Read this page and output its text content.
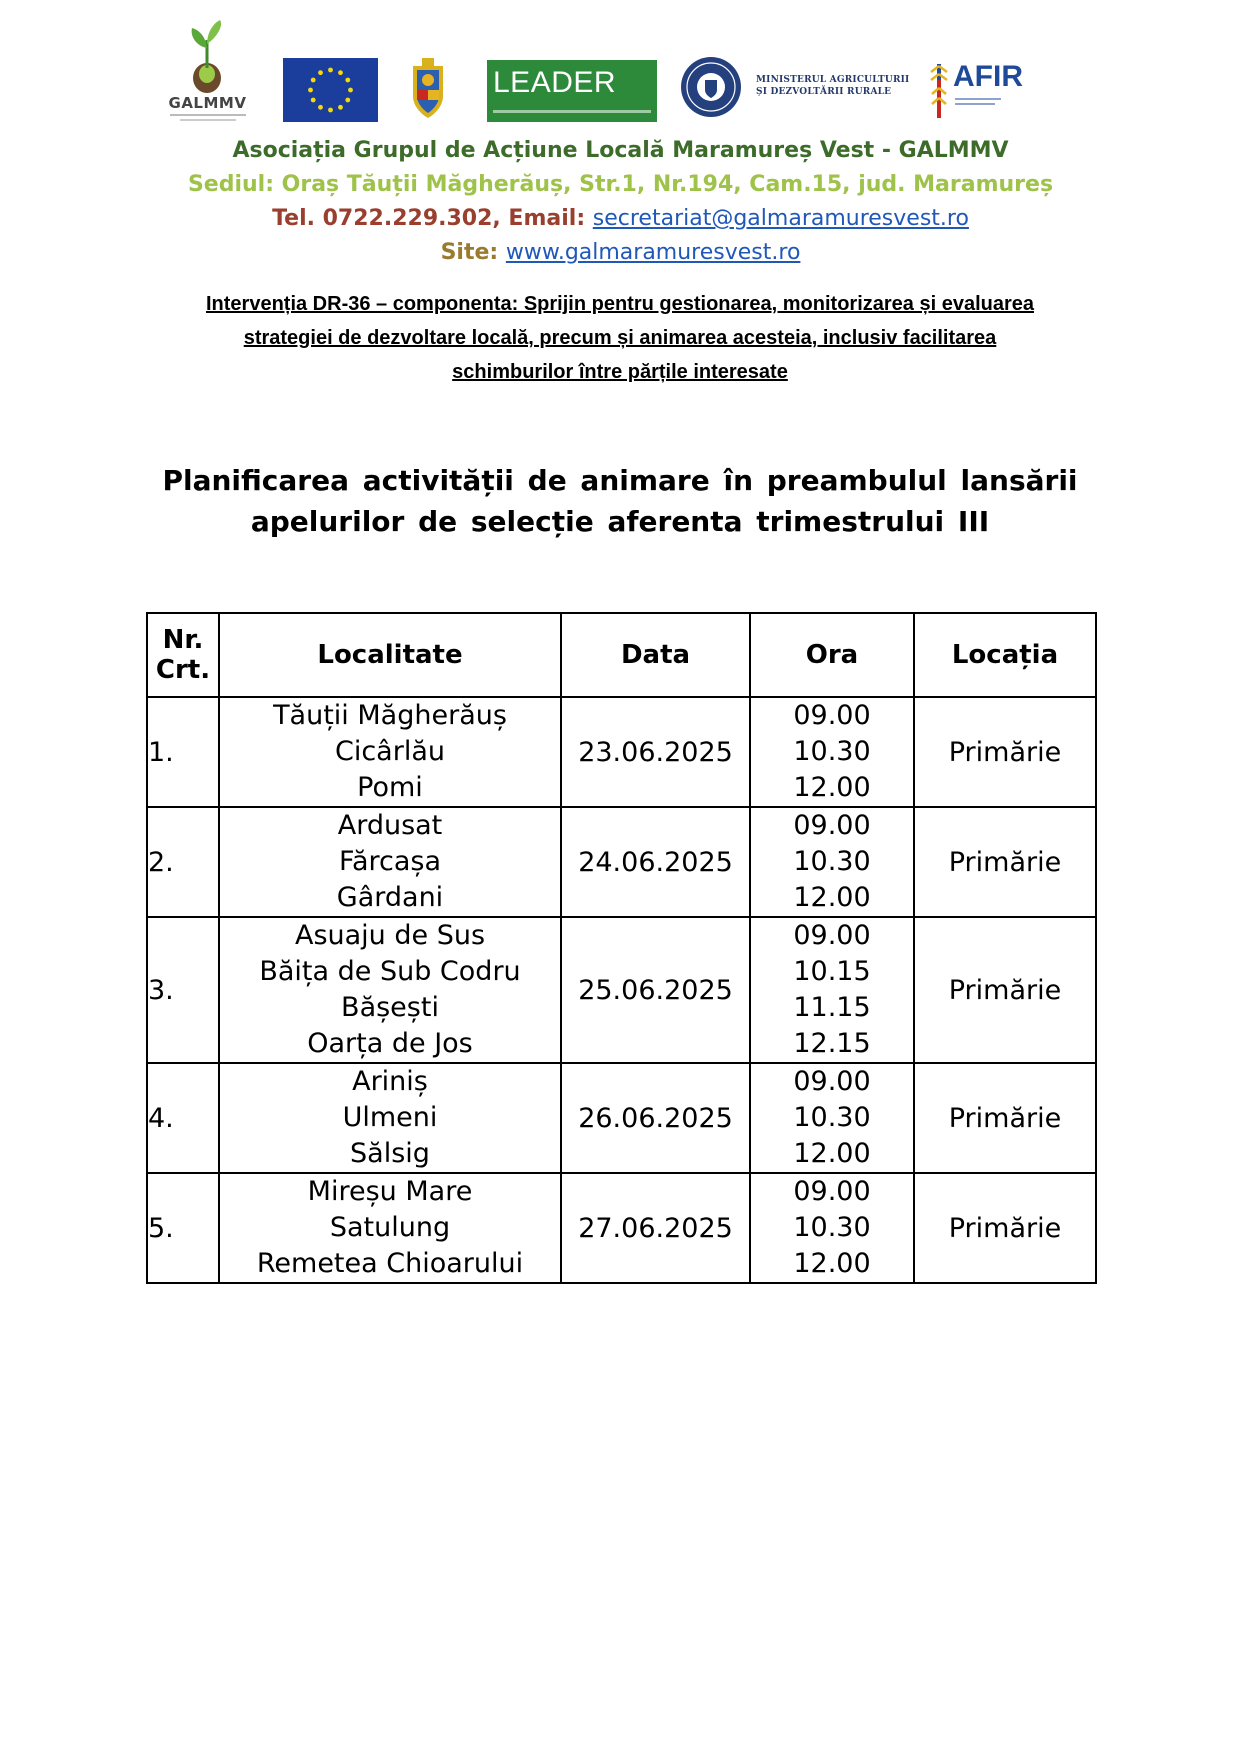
GALMMV
LEADER	MINISTERUL AGRICULTURII
ȘI DEZVOLTĂRII RURALE	AFIR
Asociația Grupul de Acțiune Locală Maramureș Vest - GALMMV
Sediul: Oraș Tăuții Măgherăuș, Str.1, Nr.194, Cam.15, jud. Maramureș
Tel. 0722.229.302, Email: secretariat@galmaramuresvest.ro
Site: www.galmaramuresvest.ro
Intervenția DR-36 – componenta: Sprijin pentru gestionarea, monitorizarea și evaluarea
strategiei de dezvoltare locală, precum și animarea acesteia, inclusiv facilitarea
schimburilor între părțile interesate
Planificarea activității de animare în preambulul lansării
apelurilor de selecție aferenta trimestrului III
Nr.
Crt.	Localitate	Data	Ora	Locația
1.	Tăuții Măgherăuș
Cicârlău
Pomi	23.06.2025	09.00
10.30
12.00	Primărie
2.	Ardusat
Fărcașa
Gârdani	24.06.2025	09.00
10.30
12.00	Primărie
3.	Asuaju de Sus
Băița de Sub Codru
Bășești
Oarța de Jos	25.06.2025	09.00
10.15
11.15
12.15	Primărie
4.	Ariniș
Ulmeni
Sălsig	26.06.2025	09.00
10.30
12.00	Primărie
5.	Mireșu Mare
Satulung
Remetea Chioarului	27.06.2025	09.00
10.30
12.00	Primărie
